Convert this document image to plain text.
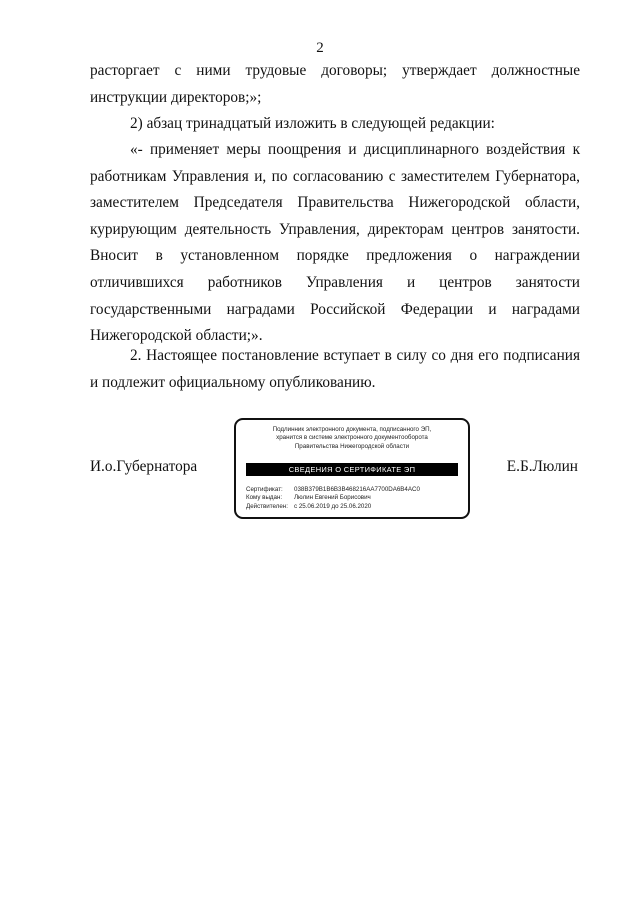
2
расторгает с ними трудовые договоры; утверждает должностные инструкции директоров;»;
2) абзац тринадцатый изложить в следующей редакции:
«- применяет меры поощрения и дисциплинарного воздействия к работникам Управления и, по согласованию с заместителем Губернатора, заместителем Председателя Правительства Нижегородской области, курирующим деятельность Управления, директорам центров занятости. Вносит в установленном порядке предложения о награждении отличившихся работников Управления и центров занятости государственными наградами Российской Федерации и наградами Нижегородской области;».
2. Настоящее постановление вступает в силу со дня его подписания и подлежит официальному опубликованию.
И.о.Губернатора
Подлинник электронного документа, подписанного ЭП,
хранится в системе электронного документооборота
Правительства Нижегородской области
СВЕДЕНИЯ О СЕРТИФИКАТЕ ЭП
Сертификат: 038B379B1B6B3B468216AA7700DA6B4AC0
Кому выдан: Люлин Евгений Борисович
Действителен: с 25.06.2019 до 25.06.2020
Е.Б.Люлин
